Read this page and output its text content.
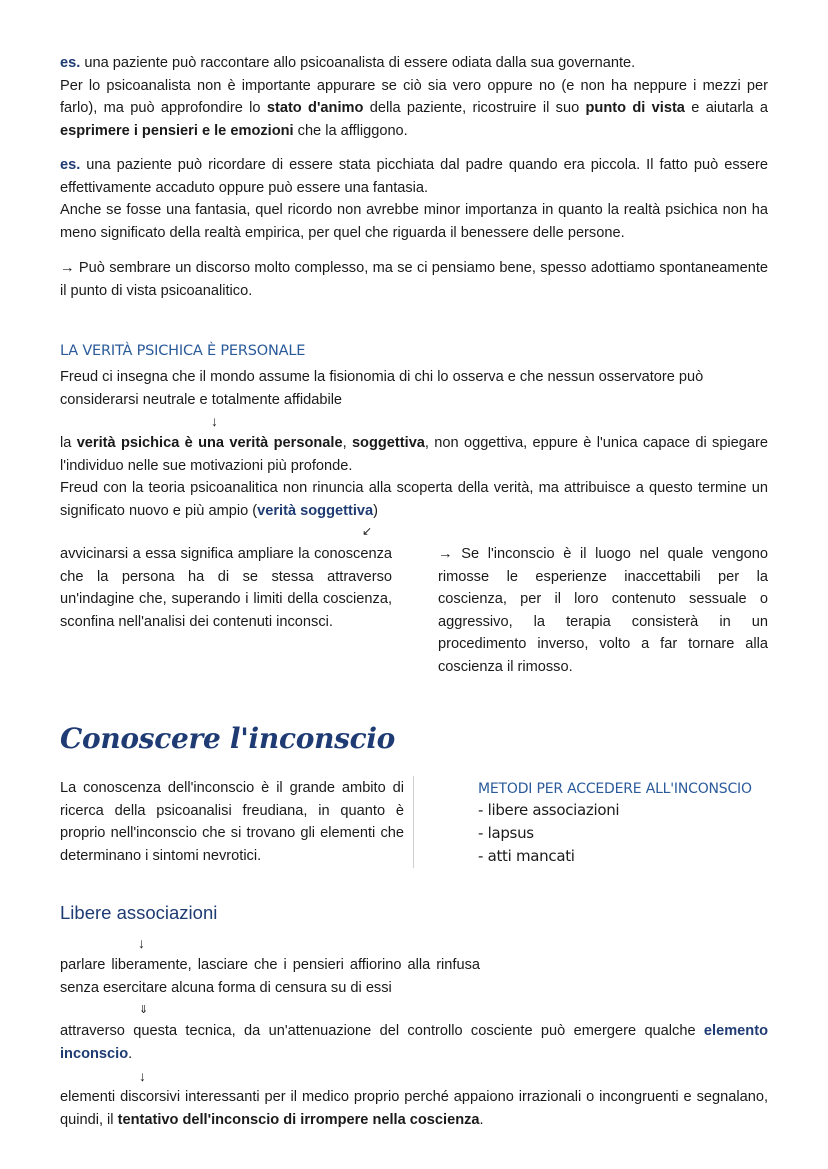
es. una paziente può raccontare allo psicoanalista di essere odiata dalla sua governante.

Per lo psicoanalista non è importante appurare se ciò sia vero oppure no (e non ha neppure i mezzi per farlo), ma può approfondire lo stato d'animo della paziente, ricostruire il suo punto di vista e aiutarla a esprimere i pensieri e le emozioni che la affliggono.

es. una paziente può ricordare di essere stata picchiata dal padre quando era piccola. Il fatto può essere effettivamente accaduto oppure può essere una fantasia.

Anche se fosse una fantasia, quel ricordo non avrebbe minor importanza in quanto la realtà psichica non ha meno significato della realtà empirica, per quel che riguarda il benessere delle persone.

→ Può sembrare un discorso molto complesso, ma se ci pensiamo bene, spesso adottiamo spontaneamente il punto di vista psicoanalitico.

LA VERITÀ PSICHICA È PERSONALE

Freud ci insegna che il mondo assume la fisionomia di chi lo osserva e che nessun osservatore può considerarsi neutrale e totalmente affidabile

↓

la verità psichica è una verità personale, soggettiva, non oggettiva, eppure è l'unica capace di spiegare l'individuo nelle sue motivazioni più profonde.

Freud con la teoria psicoanalitica non rinuncia alla scoperta della verità, ma attribuisce a questo termine un significato nuovo e più ampio (verità soggettiva)

↙
avvicinarsi a essa significa ampliare la conoscenza che la persona ha di se stessa attraverso un'indagine che, superando i limiti della coscienza, sconfina nell'analisi dei contenuti inconsci.
→ Se l'inconscio è il luogo nel quale vengono rimosse le esperienze inaccettabili per la coscienza, per il loro contenuto sessuale o aggressivo, la terapia consisterà in un procedimento inverso, volto a far tornare alla coscienza il rimosso.
Conoscere l'inconscio
La conoscenza dell'inconscio è il grande ambito di ricerca della psicoanalisi freudiana, in quanto è proprio nell'inconscio che si trovano gli elementi che determinano i sintomi nevrotici.
METODI PER ACCEDERE ALL'INCONSCIO
- libere associazioni
- lapsus
- atti mancati
Libere associazioni
↓
parlare liberamente, lasciare che i pensieri affiorino alla rinfusa senza esercitare alcuna forma di censura su di essi
⇓
attraverso questa tecnica, da un'attenuazione del controllo cosciente può emergere qualche elemento inconscio.
↓
elementi discorsivi interessanti per il medico proprio perché appaiono irrazionali o incongruenti e segnalano, quindi, il tentativo dell'inconscio di irrompere nella coscienza.
